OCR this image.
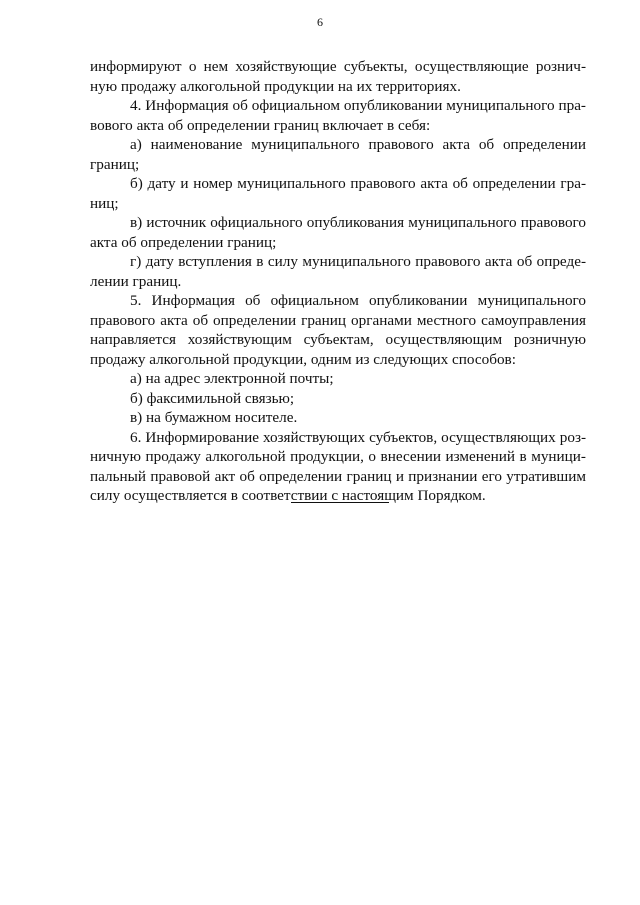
6
информируют о нем хозяйствующие субъекты, осуществляющие рознич-
ную продажу алкогольной продукции на их территориях.
4. Информация об официальном опубликовании муниципального пра-
вового акта об определении границ включает в себя:
а) наименование муниципального правового акта об определении
границ;
б) дату и номер муниципального правового акта об определении гра-
ниц;
в) источник официального опубликования муниципального правового
акта об определении границ;
г) дату вступления в силу муниципального правового акта об опреде-
лении границ.
5. Информация об официальном опубликовании муниципального
правового акта об определении границ органами местного самоуправления
направляется хозяйствующим субъектам, осуществляющим розничную
продажу алкогольной продукции, одним из следующих способов:
а) на адрес электронной почты;
б) факсимильной связью;
в) на бумажном носителе.
6. Информирование хозяйствующих субъектов, осуществляющих роз-
ничную продажу алкогольной продукции, о внесении изменений в муници-
пальный правовой акт об определении границ и признании его утратившим
силу осуществляется в соответствии с настоящим Порядком.
